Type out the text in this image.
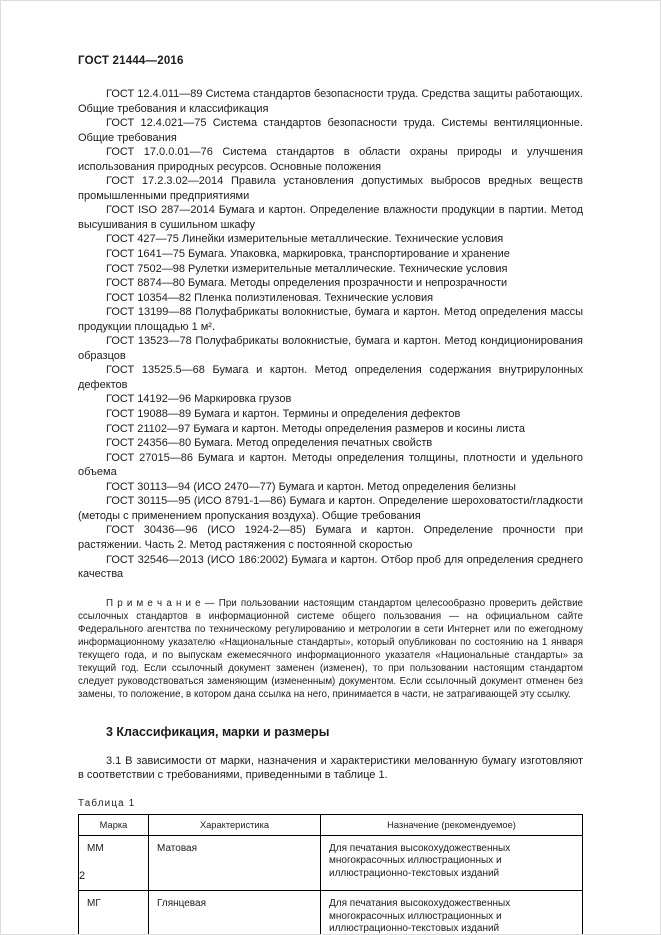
ГОСТ 21444—2016

ГОСТ 12.4.011—89 Система стандартов безопасности труда. Средства защиты работающих. Общие требования и классификация

ГОСТ 12.4.021—75 Система стандартов безопасности труда. Системы вентиляционные. Общие требования

ГОСТ 17.0.0.01—76 Система стандартов в области охраны природы и улучшения использования природных ресурсов. Основные положения

ГОСТ 17.2.3.02—2014 Правила установления допустимых выбросов вредных веществ промышленными предприятиями

ГОСТ ISO 287—2014 Бумага и картон. Определение влажности продукции в партии. Метод высушивания в сушильном шкафу

ГОСТ 427—75 Линейки измерительные металлические. Технические условия

ГОСТ 1641—75 Бумага. Упаковка, маркировка, транспортирование и хранение

ГОСТ 7502—98 Рулетки измерительные металлические. Технические условия

ГОСТ 8874—80 Бумага. Методы определения прозрачности и непрозрачности

ГОСТ 10354—82 Пленка полиэтиленовая. Технические условия

ГОСТ 13199—88 Полуфабрикаты волокнистые, бумага и картон. Метод определения массы продукции площадью 1 м².

ГОСТ 13523—78 Полуфабрикаты волокнистые, бумага и картон. Метод кондиционирования образцов

ГОСТ 13525.5—68 Бумага и картон. Метод определения содержания внутрирулонных дефектов

ГОСТ 14192—96 Маркировка грузов

ГОСТ 19088—89 Бумага и картон. Термины и определения дефектов

ГОСТ 21102—97 Бумага и картон. Методы определения размеров и косины листа

ГОСТ 24356—80 Бумага. Метод определения печатных свойств

ГОСТ 27015—86 Бумага и картон. Методы определения толщины, плотности и удельного объема

ГОСТ 30113—94 (ИСО 2470—77) Бумага и картон. Метод определения белизны

ГОСТ 30115—95 (ИСО 8791-1—86) Бумага и картон. Определение шероховатости/гладкости (методы с применением пропускания воздуха). Общие требования

ГОСТ 30436—96 (ИСО 1924-2—85) Бумага и картон. Определение прочности при растяжении. Часть 2. Метод растяжения с постоянной скоростью

ГОСТ 32546—2013 (ИСО 186:2002) Бумага и картон. Отбор проб для определения среднего качества

П р и м е ч а н и е — При пользовании настоящим стандартом целесообразно проверить действие ссылочных стандартов в информационной системе общего пользования — на официальном сайте Федерального агентства по техническому регулированию и метрологии в сети Интернет или по ежегодному информационному указателю «Национальные стандарты», который опубликован по состоянию на 1 января текущего года, и по выпускам ежемесячного информационного указателя «Национальные стандарты» за текущий год. Если ссылочный документ заменен (изменен), то при пользовании настоящим стандартом следует руководствоваться заменяющим (измененным) документом. Если ссылочный документ отменен без замены, то положение, в котором дана ссылка на него, принимается в части, не затрагивающей эту ссылку.

3 Классификация, марки и размеры

3.1 В зависимости от марки, назначения и характеристики мелованную бумагу изготовляют в соответствии с требованиями, приведенными в таблице 1.

Таблица 1
Марка	Характеристика	Назначение (рекомендуемое)
ММ	Матовая	Для печатания высокохудожественных многокрасочных иллюстрационных и иллюстрационно-текстовых изданий
МГ	Глянцевая	Для печатания высокохудожественных многокрасочных иллюстрационных и иллюстрационно-текстовых изданий
2
